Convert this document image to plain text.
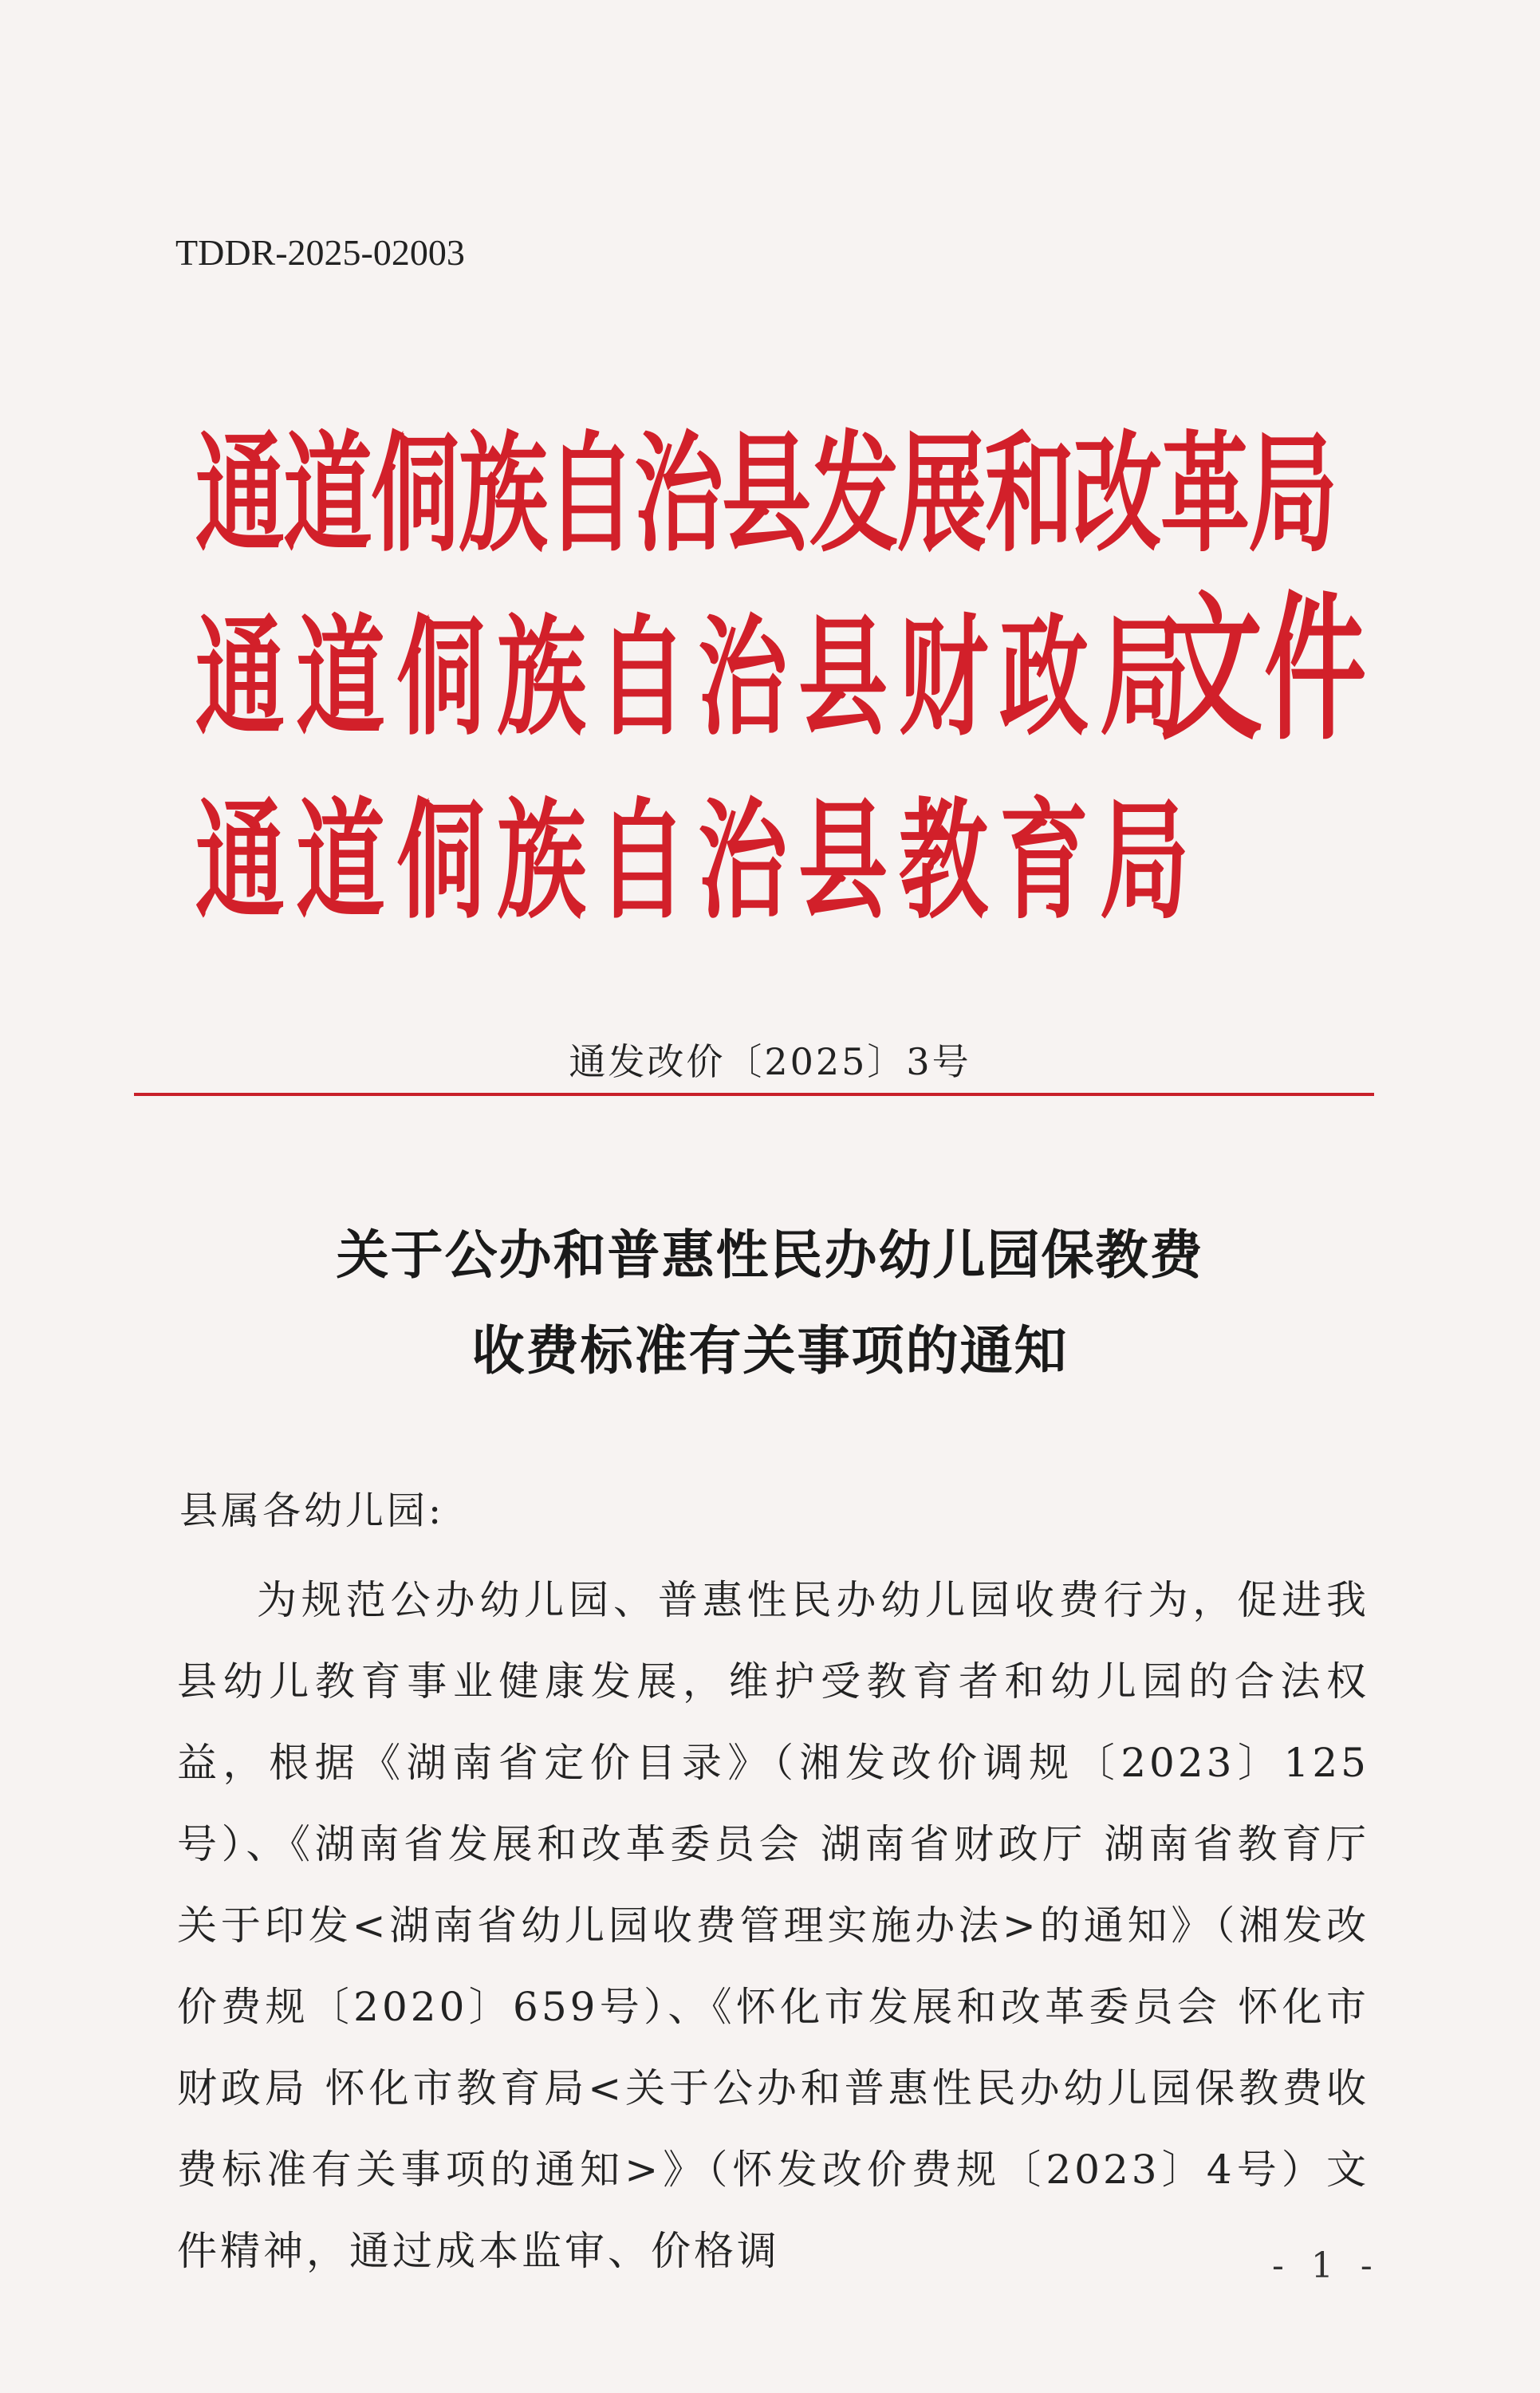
TDDR-2025-02003
通道侗族自治县发展和改革局
通道侗族自治县财政局
通道侗族自治县教育局
文件
通发改价〔2025〕3号
关于公办和普惠性民办幼儿园保教费
收费标准有关事项的通知
县属各幼儿园:

为规范公办幼儿园、普惠性民办幼儿园收费行为，促进我县幼儿教育事业健康发展，维护受教育者和幼儿园的合法权益，根据《湖南省定价目录》（湘发改价调规〔2023〕125号）、《湖南省发展和改革委员会 湖南省财政厅 湖南省教育厅关于印发<湖南省幼儿园收费管理实施办法>的通知》（湘发改价费规〔2020〕659号）、《怀化市发展和改革委员会 怀化市财政局 怀化市教育局<关于公办和普惠性民办幼儿园保教费收费标准有关事项的通知>》（怀发改价费规〔2023〕4号）文件精神，通过成本监审、价格调	- 1 -
